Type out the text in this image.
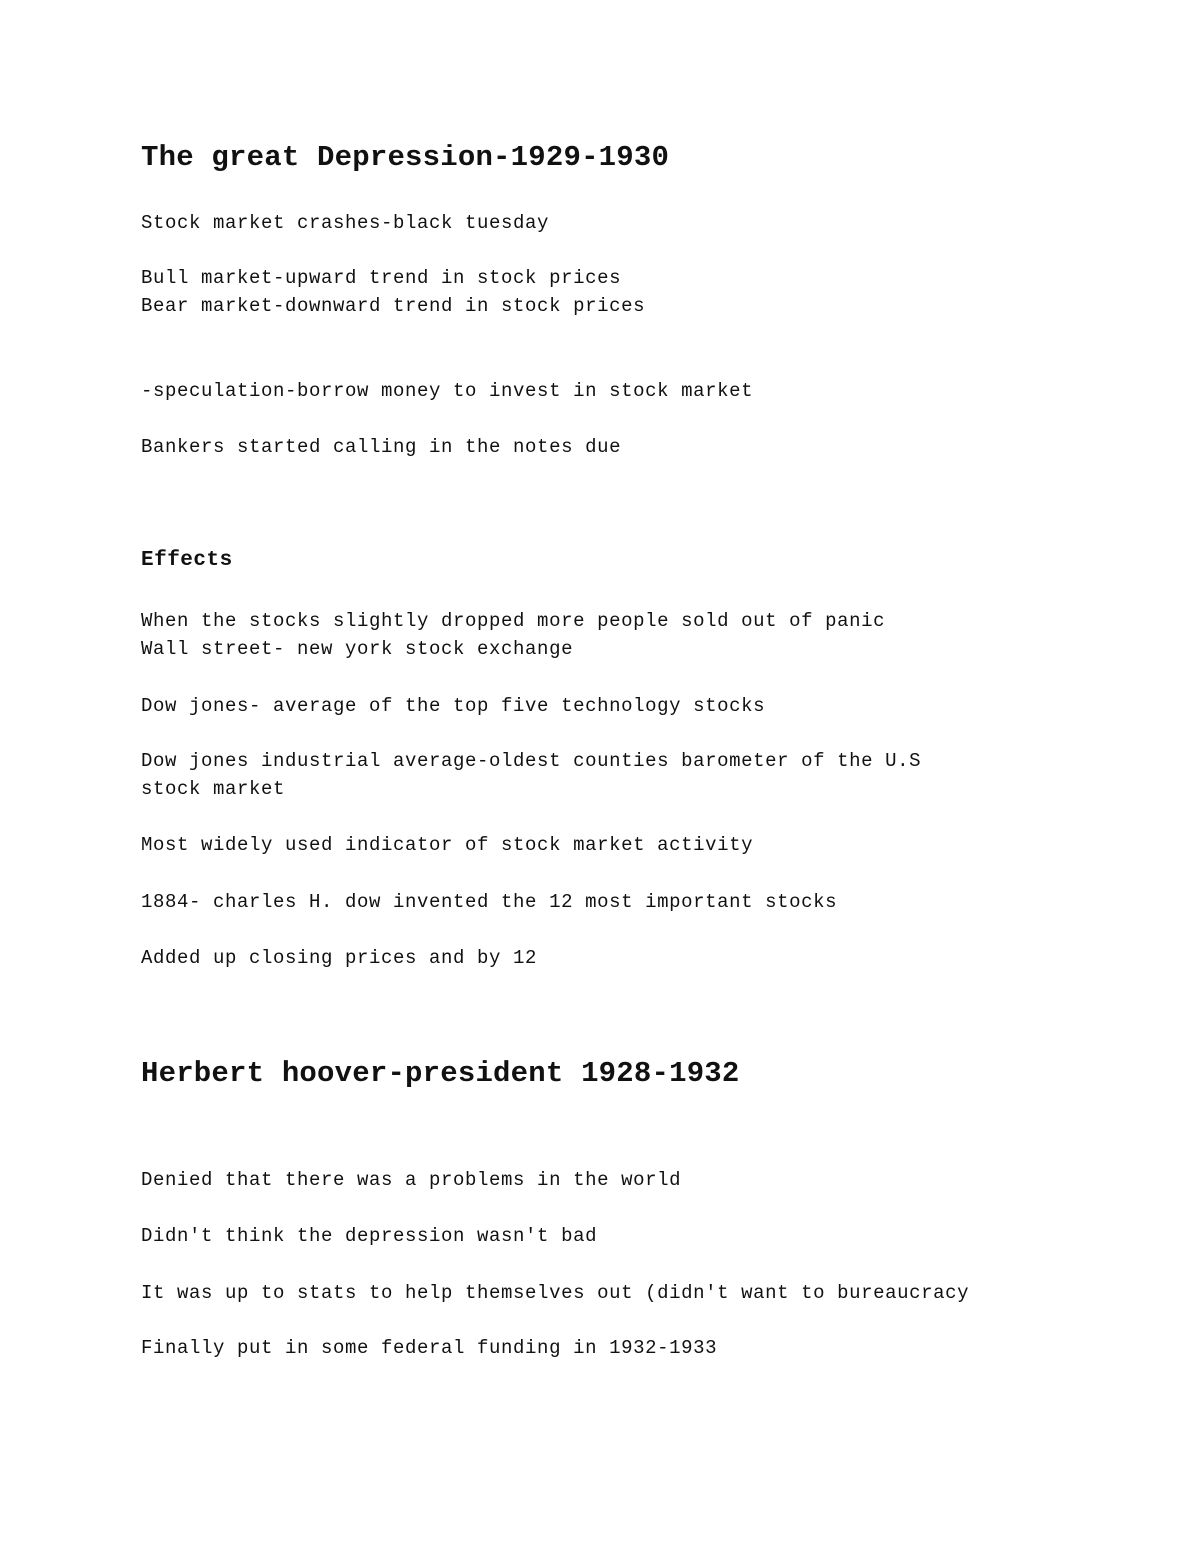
The great Depression-1929-1930
Stock market crashes-black tuesday
Bull market-upward trend in stock prices
Bear market-downward trend in stock prices
-speculation-borrow money to invest in stock market
Bankers started calling in the notes due
Effects
When the stocks slightly dropped more people sold out of panic
Wall street- new york stock exchange
Dow jones- average of the top five technology stocks
Dow jones industrial average-oldest counties barometer of the U.S
stock market
Most widely used indicator of stock market activity
1884- charles H. dow invented the 12 most important stocks
Added up closing prices and by 12
Herbert hoover-president 1928-1932
Denied that there was a problems in the world
Didn't think the depression wasn't bad
It was up to stats to help themselves out (didn't want to bureaucracy
Finally put in some federal funding in 1932-1933
